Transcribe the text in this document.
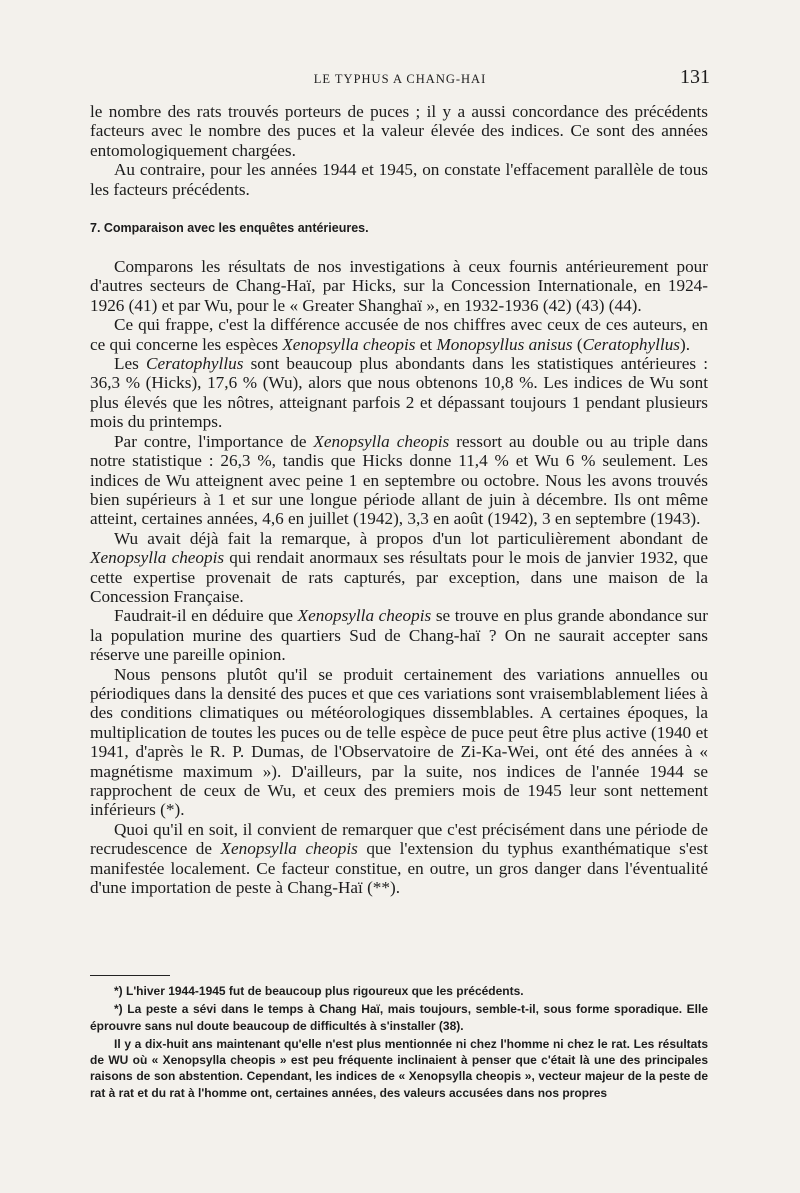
LE TYPHUS A CHANG-HAI	131

le nombre des rats trouvés porteurs de puces ; il y a aussi concordance des précédents facteurs avec le nombre des puces et la valeur élevée des indices. Ce sont des années entomologiquement chargées.

Au contraire, pour les années 1944 et 1945, on constate l'effacement parallèle de tous les facteurs précédents.

7. Comparaison avec les enquêtes antérieures.

Comparons les résultats de nos investigations à ceux fournis antérieurement pour d'autres secteurs de Chang-Haï, par Hicks, sur la Concession Internationale, en 1924-1926 (41) et par Wu, pour le « Greater Shanghaï », en 1932-1936 (42) (43) (44).

Ce qui frappe, c'est la différence accusée de nos chiffres avec ceux de ces auteurs, en ce qui concerne les espèces Xenopsylla cheopis et Monopsyllus anisus (Ceratophyllus).

Les Ceratophyllus sont beaucoup plus abondants dans les statistiques antérieures : 36,3 % (Hicks), 17,6 % (Wu), alors que nous obtenons 10,8 %. Les indices de Wu sont plus élevés que les nôtres, atteignant parfois 2 et dépassant toujours 1 pendant plusieurs mois du printemps.

Par contre, l'importance de Xenopsylla cheopis ressort au double ou au triple dans notre statistique : 26,3 %, tandis que Hicks donne 11,4 % et Wu 6 % seulement. Les indices de Wu atteignent avec peine 1 en septembre ou octobre. Nous les avons trouvés bien supérieurs à 1 et sur une longue période allant de juin à décembre. Ils ont même atteint, certaines années, 4,6 en juillet (1942), 3,3 en août (1942), 3 en septembre (1943).

Wu avait déjà fait la remarque, à propos d'un lot particulièrement abondant de Xenopsylla cheopis qui rendait anormaux ses résultats pour le mois de janvier 1932, que cette expertise provenait de rats capturés, par exception, dans une maison de la Concession Française.

Faudrait-il en déduire que Xenopsylla cheopis se trouve en plus grande abondance sur la population murine des quartiers Sud de Chang-haï ? On ne saurait accepter sans réserve une pareille opinion.

Nous pensons plutôt qu'il se produit certainement des variations annuelles ou périodiques dans la densité des puces et que ces variations sont vraisemblablement liées à des conditions climatiques ou météorologiques dissemblables. A certaines époques, la multiplication de toutes les puces ou de telle espèce de puce peut être plus active (1940 et 1941, d'après le R. P. Dumas, de l'Observatoire de Zi-Ka-Wei, ont été des années à « magnétisme maximum »). D'ailleurs, par la suite, nos indices de l'année 1944 se rapprochent de ceux de Wu, et ceux des premiers mois de 1945 leur sont nettement inférieurs (*).

Quoi qu'il en soit, il convient de remarquer que c'est précisément dans une période de recrudescence de Xenopsylla cheopis que l'extension du typhus exanthématique s'est manifestée localement. Ce facteur constitue, en outre, un gros danger dans l'éventualité d'une importation de peste à Chang-Haï (**).

*) L'hiver 1944-1945 fut de beaucoup plus rigoureux que les précédents.

*) La peste a sévi dans le temps à Chang Haï, mais toujours, semble-t-il, sous forme sporadique. Elle éprouvre sans nul doute beaucoup de difficultés à s'installer (38).

Il y a dix-huit ans maintenant qu'elle n'est plus mentionnée ni chez l'homme ni chez le rat. Les résultats de WU où « Xenopsylla cheopis » est peu fréquente inclinaient à penser que c'était là une des principales raisons de son abstention. Cependant, les indices de « Xenopsylla cheopis », vecteur majeur de la peste de rat à rat et du rat à l'homme ont, certaines années, des valeurs accusées dans nos propres
